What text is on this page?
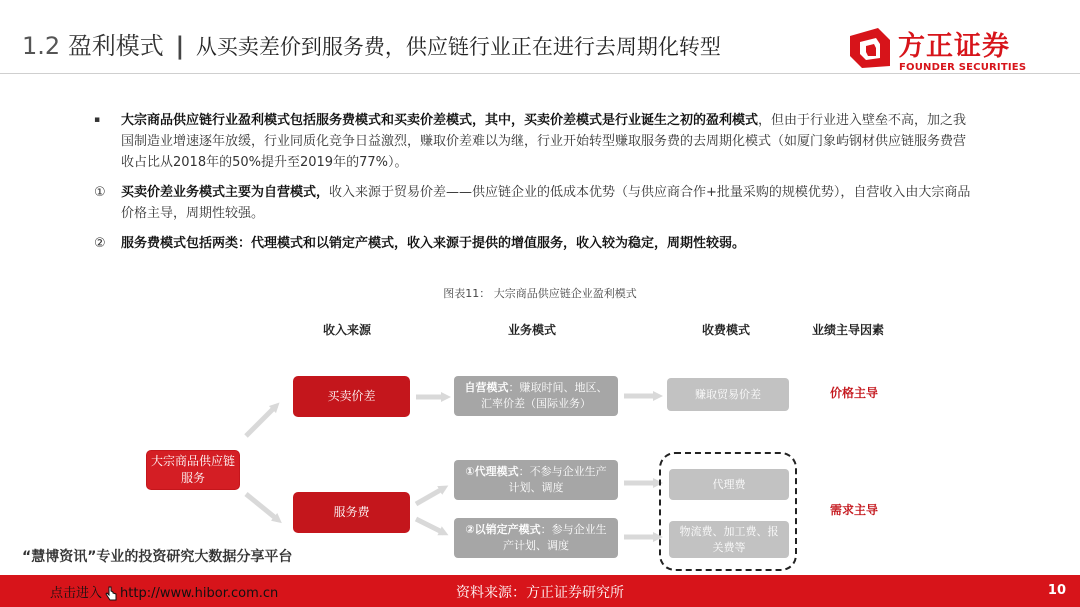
1.2 盈利模式 | 从买卖差价到服务费，供应链行业正在进行去周期化转型	方正证券
FOUNDER SECURITIES
▪ 大宗商品供应链行业盈利模式包括服务费模式和买卖价差模式，其中，买卖价差模式是行业诞生之初的盈利模式，但由于行业进入壁垒不高，加之我国制造业增速逐年放缓，行业同质化竞争日益激烈，赚取价差难以为继，行业开始转型赚取服务费的去周期化模式（如厦门象屿钢材供应链服务费营收占比从2018年的50%提升至2019年的77%）。
① 买卖价差业务模式主要为自营模式，收入来源于贸易价差——供应链企业的低成本优势（与供应商合作+批量采购的规模优势），自营收入由大宗商品价格主导，周期性较强。
② 服务费模式包括两类：代理模式和以销定产模式，收入来源于提供的增值服务，收入较为稳定，周期性较弱。
图表11： 大宗商品供应链企业盈利模式
收入来源	业务模式	收费模式	业绩主导因素
大宗商品供应链服务
买卖价差
服务费
自营模式：赚取时间、地区、汇率价差（国际业务）
①代理模式：不参与企业生产计划、调度
②以销定产模式：参与企业生产计划、调度
赚取贸易价差
代理费
物流费、加工费、报关费等
价格主导
需求主导
“慧博资讯”专业的投资研究大数据分享平台
点击进入 http://www.hibor.com.cn	资料来源：方正证券研究所	10
